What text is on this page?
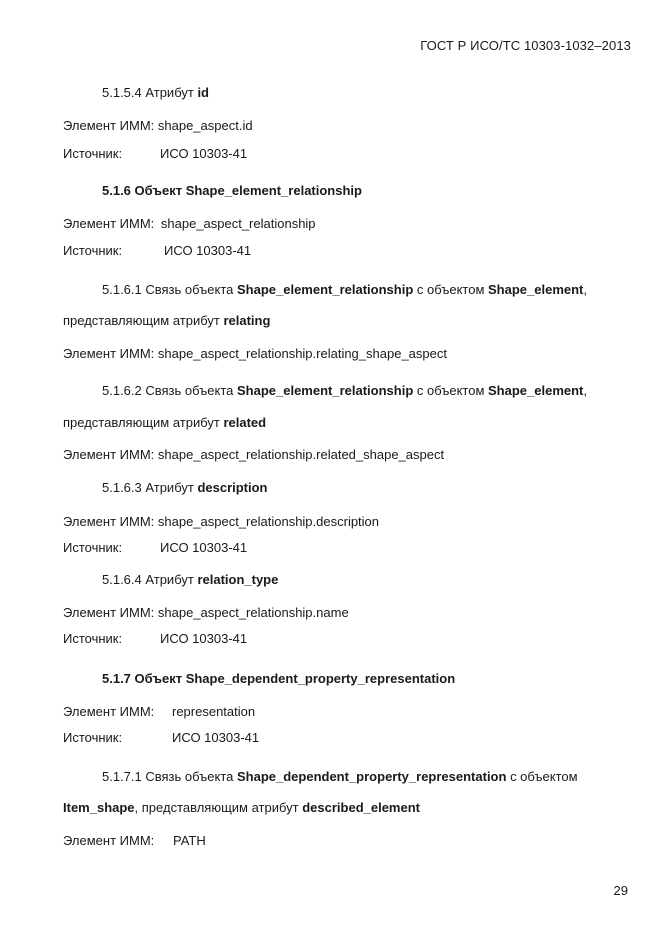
ГОСТ Р ИСО/ТС 10303-1032–2013
5.1.5.4 Атрибут id
Элемент ИММ: shape_aspect.id
Источник:	ИСО 10303-41
5.1.6 Объект Shape_element_relationship
Элемент ИММ: shape_aspect_relationship
Источник:	ИСО 10303-41
5.1.6.1 Связь объекта Shape_element_relationship с объектом Shape_element,
представляющим атрибут relating
Элемент ИММ: shape_aspect_relationship.relating_shape_aspect
5.1.6.2 Связь объекта Shape_element_relationship с объектом Shape_element,
представляющим атрибут related
Элемент ИММ: shape_aspect_relationship.related_shape_aspect
5.1.6.3 Атрибут description
Элемент ИММ: shape_aspect_relationship.description
Источник:	ИСО 10303-41
5.1.6.4 Атрибут relation_type
Элемент ИММ: shape_aspect_relationship.name
Источник:	ИСО 10303-41
5.1.7 Объект Shape_dependent_property_representation
Элемент ИММ: representation
Источник:	ИСО 10303-41
5.1.7.1 Связь объекта Shape_dependent_property_representation с объектом
Item_shape, представляющим атрибут described_element
Элемент ИММ: PATH
29
